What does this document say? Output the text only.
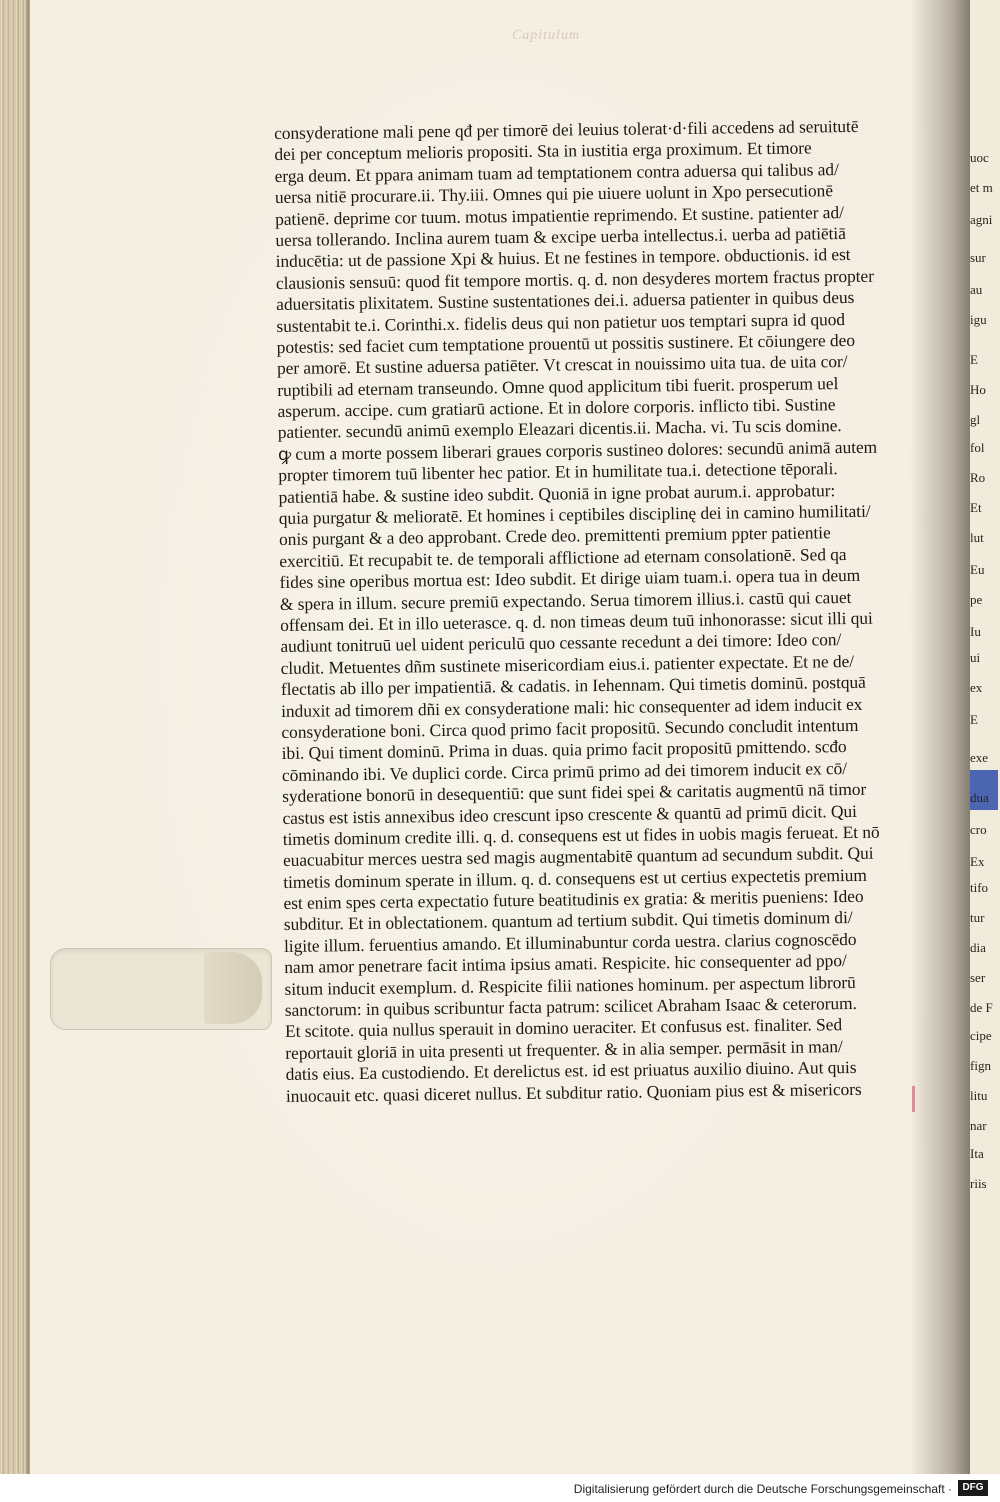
Capitulum
consyderatione mali pene qđ per timorē dei leuius tolerat·d·fili accedens ad seruitutē
dei per conceptum melioris propositi. Sta in iustitia erga proximum. Et timore
erga deum. Et ppara animam tuam ad temptationem contra aduersa qui talibus ad/
uersa nitiē procurare.ii. Thy.iii. Omnes qui pie uiuere uolunt in Xpo persecutionē
patienē. deprime cor tuum. motus impatientie reprimendo. Et sustine. patienter ad/
uersa tollerando. Inclina aurem tuam & excipe uerba intellectus.i. uerba ad patiētiā
inducētia: ut de passione Xpi & huius. Et ne festines in tempore. obductionis. id est
clausionis sensuū: quod fit tempore mortis. q. d. non desyderes mortem fractus propter
aduersitatis plixitatem. Sustine sustentationes dei.i. aduersa patienter in quibus deus
sustentabit te.i. Corinthi.x. fidelis deus qui non patietur uos temptari supra id quod
potestis: sed faciet cum temptatione prouentū ut possitis sustinere. Et cōiungere deo
per amorē. Et sustine aduersa patiēter. Vt crescat in nouissimo uita tua. de uita cor/
ruptibili ad eternam transeundo. Omne quod applicitum tibi fuerit. prosperum uel
asperum. accipe. cum gratiarū actione. Et in dolore corporis. inflicto tibi. Sustine
patienter. secundū animū exemplo Eleazari dicentis.ii. Macha. vi. Tu scis domine.
ꝙ cum a morte possem liberari graues corporis sustineo dolores: secundū animā autem
propter timorem tuū libenter hec patior. Et in humilitate tua.i. detectione tēporali.
patientiā habe. & sustine ideo subdit. Quoniā in igne probat aurum.i. approbatur:
quia purgatur & melioratē. Et homines i ceptibiles disciplinę dei in camino humilitati/
onis purgant & a deo approbant. Crede deo. premittenti premium ppter patientie
exercitiū. Et recupabit te. de temporali afflictione ad eternam consolationē. Sed qa
fides sine operibus mortua est: Ideo subdit. Et dirige uiam tuam.i. opera tua in deum
& spera in illum. secure premiū expectando. Serua timorem illius.i. castū qui cauet
offensam dei. Et in illo ueterasce. q. d. non timeas deum tuū inhonorasse: sicut illi qui
audiunt tonitruū uel uident periculū quo cessante recedunt a dei timore: Ideo con/
cludit. Metuentes dñm sustinete misericordiam eius.i. patienter expectate. Et ne de/
flectatis ab illo per impatientiā. & cadatis. in Iehennam. Qui timetis dominū. postquā
induxit ad timorem dñi ex consyderatione mali: hic consequenter ad idem inducit ex
consyderatione boni. Circa quod primo facit propositū. Secundo concludit intentum
ibi. Qui timent dominū. Prima in duas. quia primo facit propositū pmittendo. scđo
cōminando ibi. Ve duplici corde. Circa primū primo ad dei timorem inducit ex cō/
syderatione bonorū in desequentiū: que sunt fidei spei & caritatis augmentū nā timor
castus est istis annexibus ideo crescunt ipso crescente & quantū ad primū dicit. Qui
timetis dominum credite illi. q. d. consequens est ut fides in uobis magis ferueat. Et nō
euacuabitur merces uestra sed magis augmentabitē quantum ad secundum subdit. Qui
timetis dominum sperate in illum. q. d. consequens est ut certius expectetis premium
est enim spes certa expectatio future beatitudinis ex gratia: & meritis pueniens: Ideo
subditur. Et in oblectationem. quantum ad tertium subdit. Qui timetis dominum di/
ligite illum. feruentius amando. Et illuminabuntur corda uestra. clarius cognoscēdo
nam amor penetrare facit intima ipsius amati. Respicite. hic consequenter ad ppo/
situm inducit exemplum. d. Respicite filii nationes hominum. per aspectum librorū
sanctorum: in quibus scribuntur facta patrum: scilicet Abraham Isaac & ceterorum.
Et scitote. quia nullus sperauit in domino ueraciter. Et confusus est. finaliter. Sed
reportauit gloriā in uita presenti ut frequenter. & in alia semper. permāsit in man/
datis eius. Ea custodiendo. Et derelictus est. id est priuatus auxilio diuino. Aut quis
inuocauit etc. quasi diceret nullus. Et subditur ratio. Quoniam pius est & misericors
uoc
et m
agni
sur
au
igu
E
Ho
gl
fol
Ro
Et
lut
Eu
pe
Iu
ui
ex
E
exe
dua
cro
Ex
tifo
tur
dia
ser
de F
cipe
fign
litu
nar
Ita
riis
Digitalisierung gefördert durch die Deutsche Forschungsgemeinschaft ·	DFG
